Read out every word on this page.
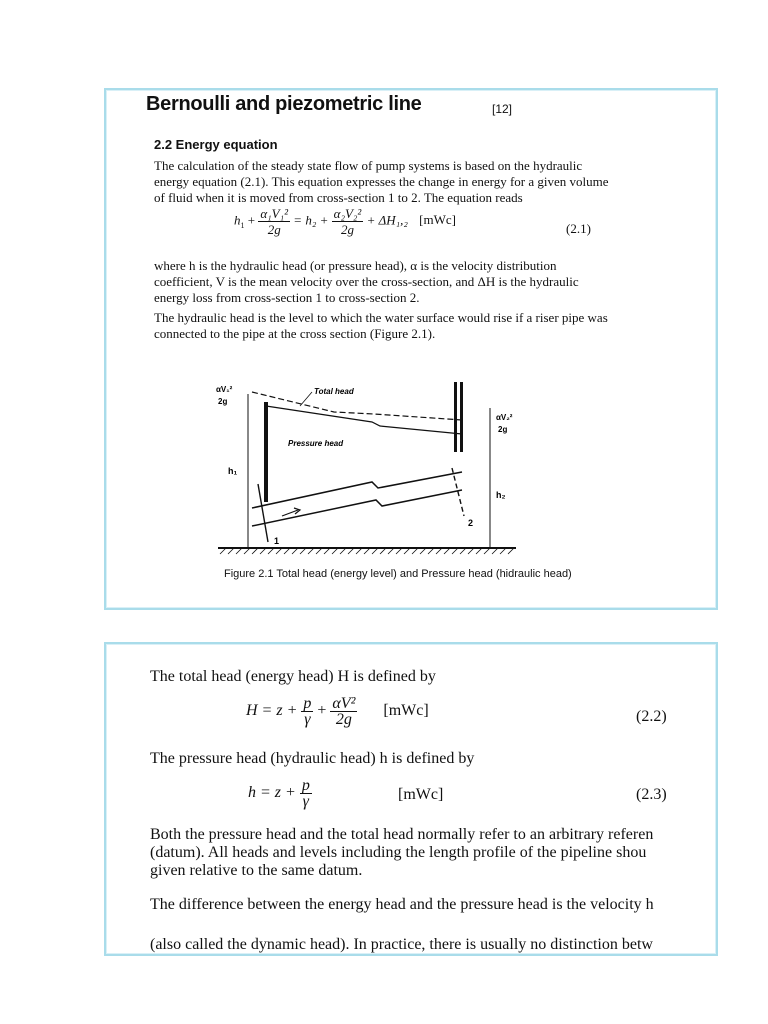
Bernoulli and piezometric line	[12]
2.2 Energy equation
The calculation of the steady state flow of pump systems is based on the hydraulic
energy equation (2.1). This equation expresses the change in energy for a given volume
of fluid when it is moved from cross-section 1 to 2. The equation reads
$h_1 + \frac{\text{α₁V₁²}}{2g} = h_2 + \frac{\text{α₂V₂²}}{2g} + \Delta H_1,_2$ [mWc]
(2.1)
where h is the hydraulic head (or pressure head), α is the velocity distribution
coefficient, V is the mean velocity over the cross-section, and ΔH is the hydraulic
energy loss from cross-section 1 to cross-section 2.
The hydraulic head is the level to which the water surface would rise if a riser pipe was
connected to the pipe at the cross section (Figure 2.1).
Total head
Pressure head
αV₁²
2g
αV₂²
2g
h₁
h₂
1
2
Figure 2.1 Total head (energy level) and Pressure head (hidraulic head)
The total head (energy head) H is defined by
$H = z + \frac{p}{\gamma} + \frac{\text{αV²}}{2g} [mWc]$	(2.2)
The pressure head (hydraulic head) h is defined by
$h = z + \frac{p}{\gamma}$	[mWc]	(2.3)
Both the pressure head and the total head normally refer to an arbitrary referen
(datum). All heads and levels including the length profile of the pipeline shou
given relative to the same datum.
The difference between the energy head and the pressure head is the velocity h
(also called the dynamic head). In practice, there is usually no distinction betw
